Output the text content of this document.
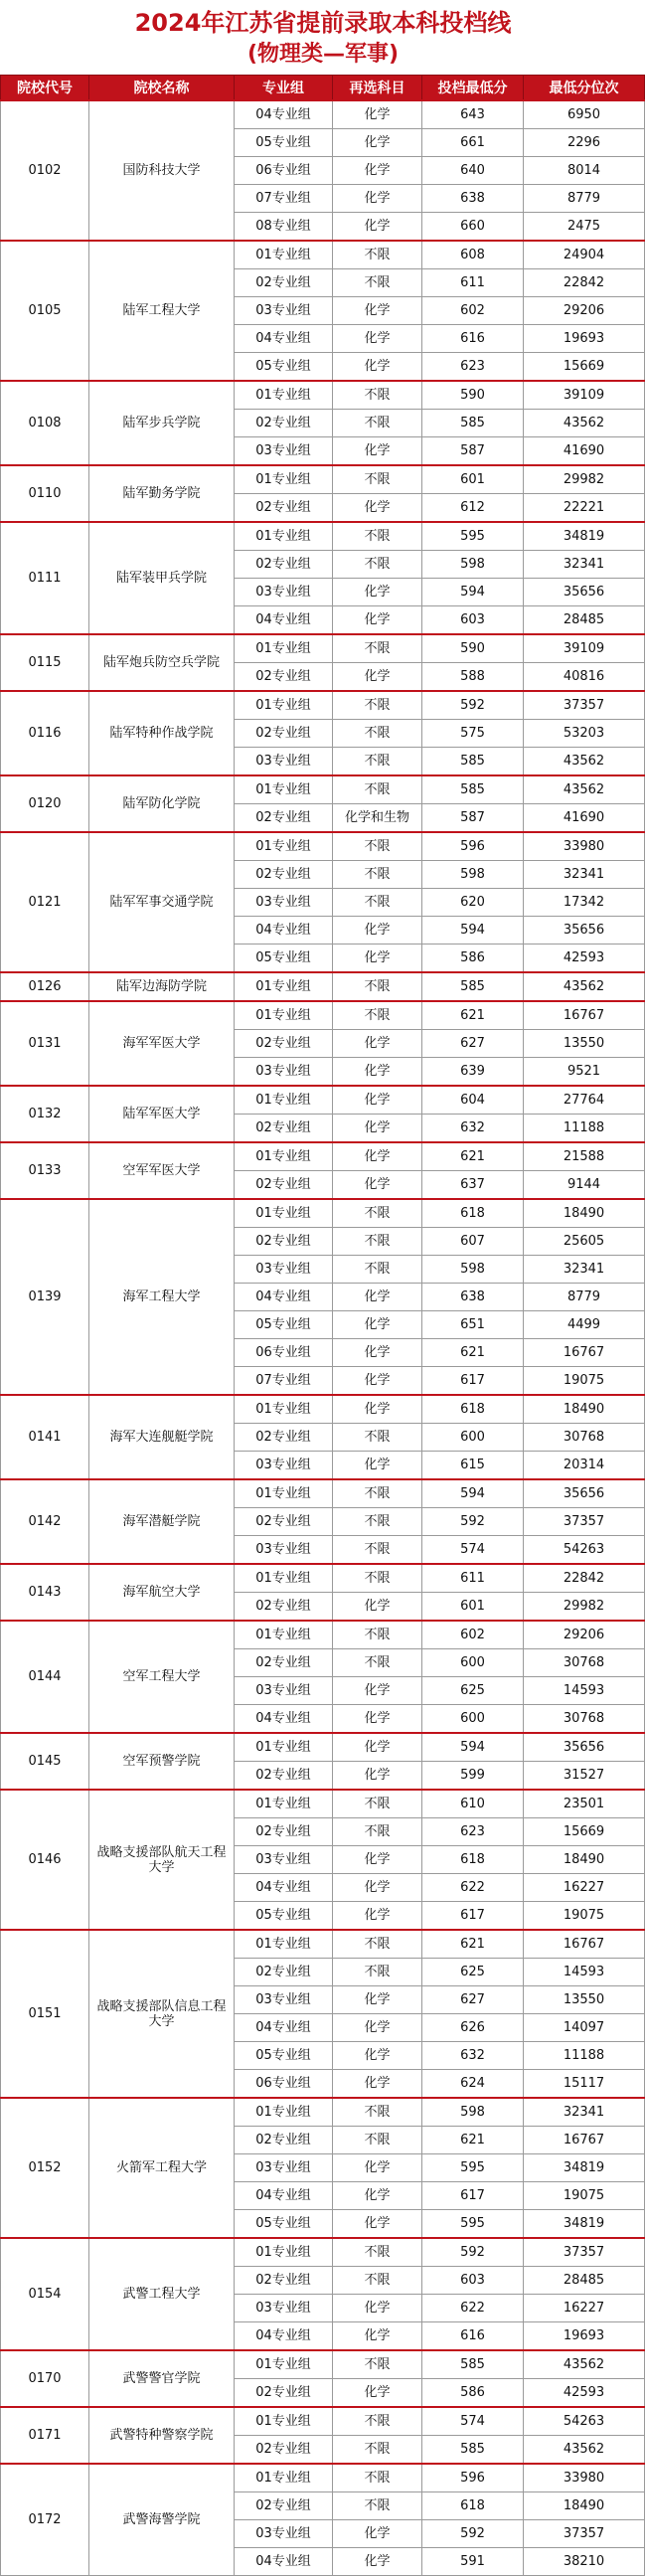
2024年江苏省提前录取本科投档线
(物理类—军事)
院校代号	院校名称	专业组	再选科目	投档最低分	最低分位次
0102	国防科技大学	04专业组	化学	643	6950
		05专业组	化学	661	2296
		06专业组	化学	640	8014
		07专业组	化学	638	8779
		08专业组	化学	660	2475
0105	陆军工程大学	01专业组	不限	608	24904
		02专业组	不限	611	22842
		03专业组	化学	602	29206
		04专业组	化学	616	19693
		05专业组	化学	623	15669
0108	陆军步兵学院	01专业组	不限	590	39109
		02专业组	不限	585	43562
		03专业组	化学	587	41690
0110	陆军勤务学院	01专业组	不限	601	29982
		02专业组	化学	612	22221
0111	陆军装甲兵学院	01专业组	不限	595	34819
		02专业组	不限	598	32341
		03专业组	化学	594	35656
		04专业组	化学	603	28485
0115	陆军炮兵防空兵学院	01专业组	不限	590	39109
		02专业组	化学	588	40816
0116	陆军特种作战学院	01专业组	不限	592	37357
		02专业组	不限	575	53203
		03专业组	不限	585	43562
0120	陆军防化学院	01专业组	不限	585	43562
		02专业组	化学和生物	587	41690
0121	陆军军事交通学院	01专业组	不限	596	33980
		02专业组	不限	598	32341
		03专业组	不限	620	17342
		04专业组	化学	594	35656
		05专业组	化学	586	42593
0126	陆军边海防学院	01专业组	不限	585	43562
0131	海军军医大学	01专业组	不限	621	16767
		02专业组	化学	627	13550
		03专业组	化学	639	9521
0132	陆军军医大学	01专业组	化学	604	27764
		02专业组	化学	632	11188
0133	空军军医大学	01专业组	化学	621	21588
		02专业组	化学	637	9144
0139	海军工程大学	01专业组	不限	618	18490
		02专业组	不限	607	25605
		03专业组	不限	598	32341
		04专业组	化学	638	8779
		05专业组	化学	651	4499
		06专业组	化学	621	16767
		07专业组	化学	617	19075
0141	海军大连舰艇学院	01专业组	化学	618	18490
		02专业组	不限	600	30768
		03专业组	化学	615	20314
0142	海军潜艇学院	01专业组	不限	594	35656
		02专业组	不限	592	37357
		03专业组	不限	574	54263
0143	海军航空大学	01专业组	不限	611	22842
		02专业组	化学	601	29982
0144	空军工程大学	01专业组	不限	602	29206
		02专业组	不限	600	30768
		03专业组	化学	625	14593
		04专业组	化学	600	30768
0145	空军预警学院	01专业组	化学	594	35656
		02专业组	化学	599	31527
0146	战略支援部队航天工程大学	01专业组	不限	610	23501
		02专业组	不限	623	15669
		03专业组	化学	618	18490
		04专业组	化学	622	16227
		05专业组	化学	617	19075
0151	战略支援部队信息工程大学	01专业组	不限	621	16767
		02专业组	不限	625	14593
		03专业组	化学	627	13550
		04专业组	化学	626	14097
		05专业组	化学	632	11188
		06专业组	化学	624	15117
0152	火箭军工程大学	01专业组	不限	598	32341
		02专业组	不限	621	16767
		03专业组	化学	595	34819
		04专业组	化学	617	19075
		05专业组	化学	595	34819
0154	武警工程大学	01专业组	不限	592	37357
		02专业组	不限	603	28485
		03专业组	化学	622	16227
		04专业组	化学	616	19693
0170	武警警官学院	01专业组	不限	585	43562
		02专业组	化学	586	42593
0171	武警特种警察学院	01专业组	不限	574	54263
		02专业组	不限	585	43562
0172	武警海警学院	01专业组	不限	596	33980
		02专业组	不限	618	18490
		03专业组	化学	592	37357
		04专业组	化学	591	38210
